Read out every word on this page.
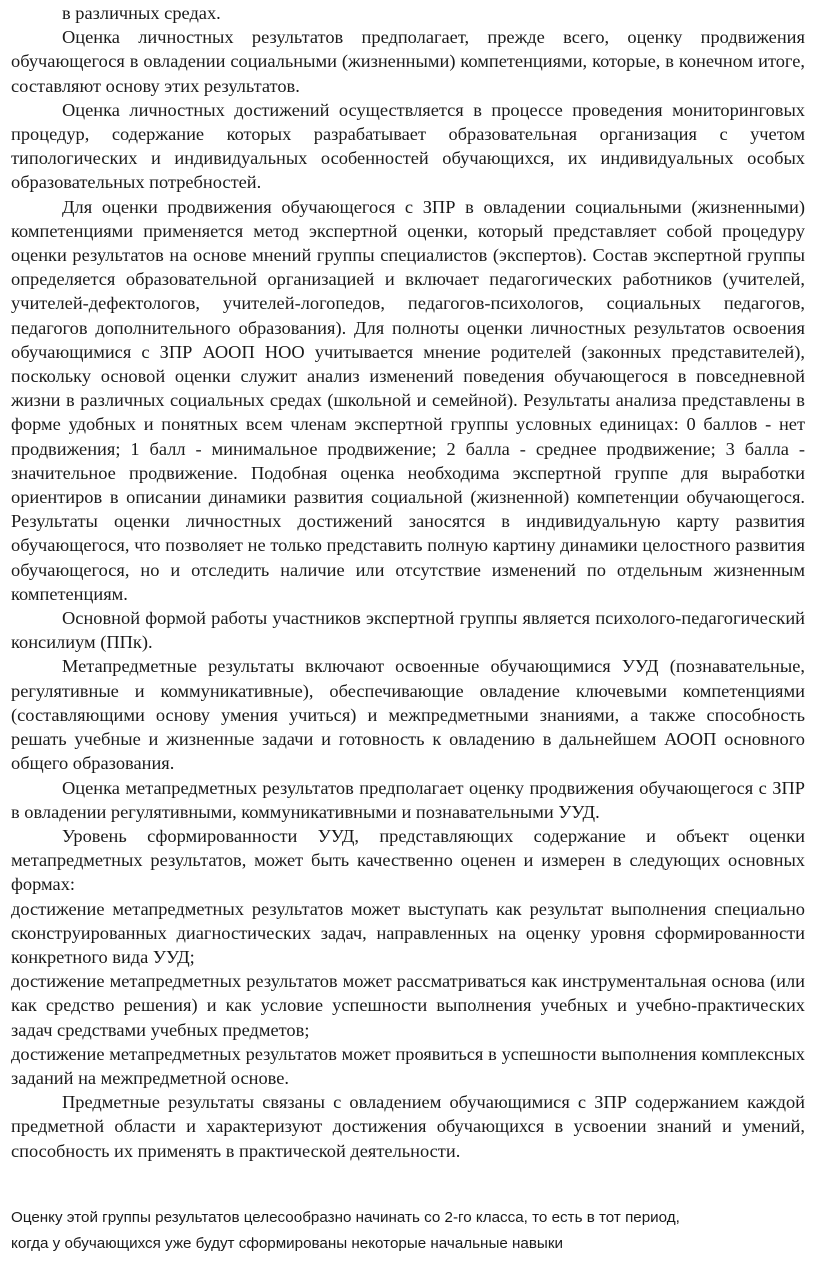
в различных средах.

Оценка личностных результатов предполагает, прежде всего, оценку продвижения обучающегося в овладении социальными (жизненными) компетенциями, которые, в конечном итоге, составляют основу этих результатов.

Оценка личностных достижений осуществляется в процессе проведения мониторинговых процедур, содержание которых разрабатывает образовательная организация с учетом типологических и индивидуальных особенностей обучающихся, их индивидуальных особых образовательных потребностей.

Для оценки продвижения обучающегося с ЗПР в овладении социальными (жизненными) компетенциями применяется метод экспертной оценки, который представляет собой процедуру оценки результатов на основе мнений группы специалистов (экспертов). Состав экспертной группы определяется образовательной организацией и включает педагогических работников (учителей, учителей-дефектологов, учителей-логопедов, педагогов-психологов, социальных педагогов, педагогов дополнительного образования). Для полноты оценки личностных результатов освоения обучающимися с ЗПР АООП НОО учитывается мнение родителей (законных представителей), поскольку основой оценки служит анализ изменений поведения обучающегося в повседневной жизни в различных социальных средах (школьной и семейной). Результаты анализа представлены в форме удобных и понятных всем членам экспертной группы условных единицах: 0 баллов - нет продвижения; 1 балл - минимальное продвижение; 2 балла - среднее продвижение; 3 балла - значительное продвижение. Подобная оценка необходима экспертной группе для выработки ориентиров в описании динамики развития социальной (жизненной) компетенции обучающегося. Результаты оценки личностных достижений заносятся в индивидуальную карту развития обучающегося, что позволяет не только представить полную картину динамики целостного развития обучающегося, но и отследить наличие или отсутствие изменений по отдельным жизненным компетенциям.

Основной формой работы участников экспертной группы является психолого-педагогический консилиум (ППк).

Метапредметные результаты включают освоенные обучающимися УУД (познавательные, регулятивные и коммуникативные), обеспечивающие овладение ключевыми компетенциями (составляющими основу умения учиться) и межпредметными знаниями, а также способность решать учебные и жизненные задачи и готовность к овладению в дальнейшем АООП основного общего образования.

Оценка метапредметных результатов предполагает оценку продвижения обучающегося с ЗПР в овладении регулятивными, коммуникативными и познавательными УУД.

Уровень сформированности УУД, представляющих содержание и объект оценки метапредметных результатов, может быть качественно оценен и измерен в следующих основных формах:

достижение метапредметных результатов может выступать как результат выполнения специально сконструированных диагностических задач, направленных на оценку уровня сформированности конкретного вида УУД;

достижение метапредметных результатов может рассматриваться как инструментальная основа (или как средство решения) и как условие успешности выполнения учебных и учебно-практических задач средствами учебных предметов;

достижение метапредметных результатов может проявиться в успешности выполнения комплексных заданий на межпредметной основе.

Предметные результаты связаны с овладением обучающимися с ЗПР содержанием каждой предметной области и характеризуют достижения обучающихся в усвоении знаний и умений, способность их применять в практической деятельности.

Оценку этой группы результатов целесообразно начинать со 2-го класса, то есть в тот период,

когда у обучающихся уже будут сформированы некоторые начальные навыки
